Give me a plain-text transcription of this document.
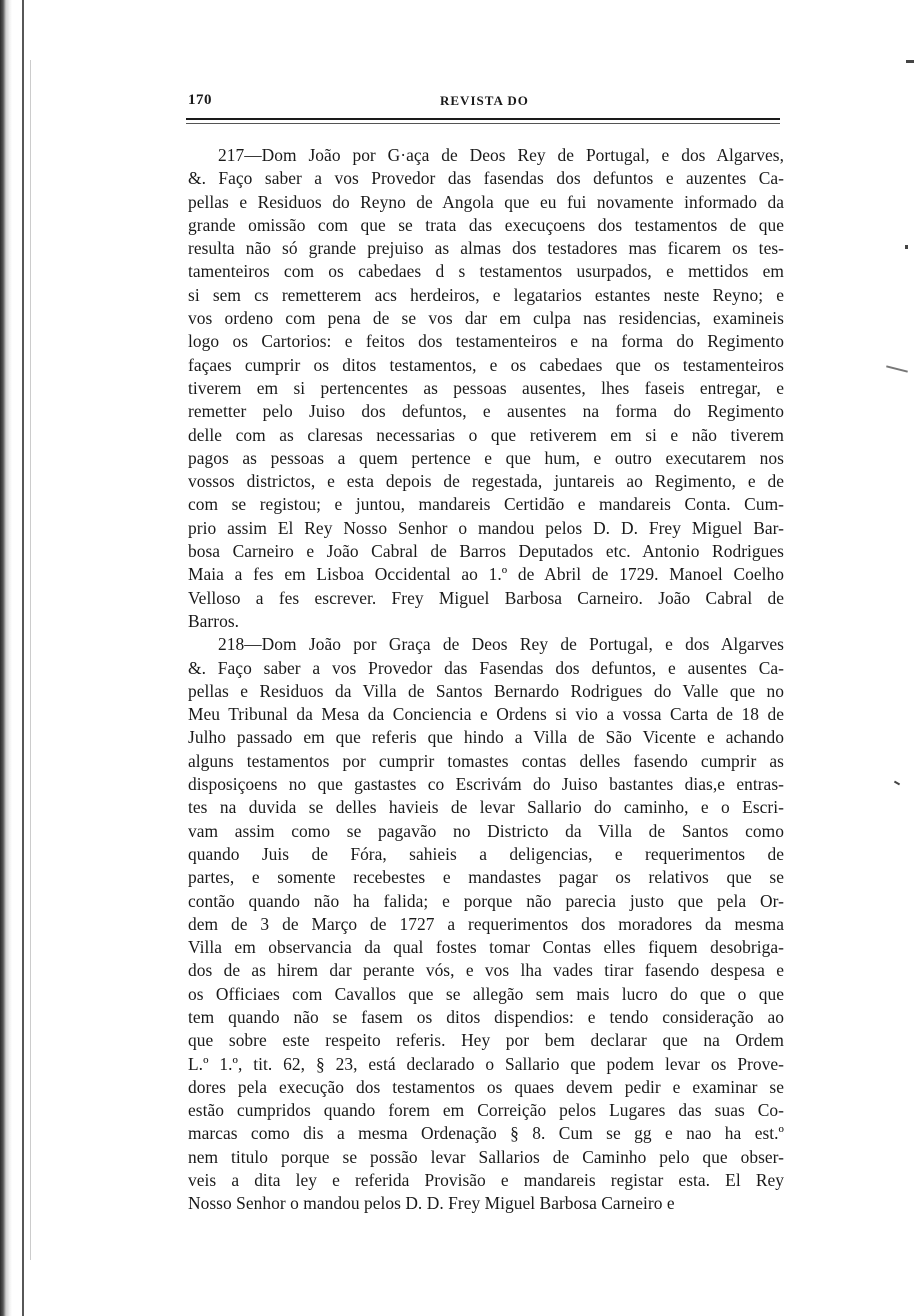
170	REVISTA DO
217—Dom João por G·aça de Deos Rey de Portugal, e dos Algarves,
&. Faço saber a vos Provedor das fasendas dos defuntos e auzentes Ca-
pellas e Residuos do Reyno de Angola que eu fui novamente informado da
grande omissão com que se trata das execuçoens dos testamentos de que
resulta não só grande prejuiso as almas dos testadores mas ficarem os tes-
tamenteiros com os cabedaes d s testamentos usurpados, e mettidos em
si sem cs remetterem acs herdeiros, e legatarios estantes neste Reyno; e
vos ordeno com pena de se vos dar em culpa nas residencias, examineis
logo os Cartorios: e feitos dos testamenteiros e na forma do Regimento
façaes cumprir os ditos testamentos, e os cabedaes que os testamenteiros
tiverem em si pertencentes as pessoas ausentes, lhes faseis entregar, e
remetter pelo Juiso dos defuntos, e ausentes na forma do Regimento
delle com as claresas necessarias o que retiverem em si e não tiverem
pagos as pessoas a quem pertence e que hum, e outro executarem nos
vossos districtos, e esta depois de regestada, juntareis ao Regimento, e de
com se registou; e juntou, mandareis Certidão e mandareis Conta. Cum-
prio assim El Rey Nosso Senhor o mandou pelos D. D. Frey Miguel Bar-
bosa Carneiro e João Cabral de Barros Deputados etc. Antonio Rodrigues
Maia a fes em Lisboa Occidental ao 1.º de Abril de 1729. Manoel Coelho
Velloso a fes escrever. Frey Miguel Barbosa Carneiro. João Cabral de
Barros.
218—Dom João por Graça de Deos Rey de Portugal, e dos Algarves
&. Faço saber a vos Provedor das Fasendas dos defuntos, e ausentes Ca-
pellas e Residuos da Villa de Santos Bernardo Rodrigues do Valle que no
Meu Tribunal da Mesa da Conciencia e Ordens si vio a vossa Carta de 18 de
Julho passado em que referis que hindo a Villa de São Vicente e achando
alguns testamentos por cumprir tomastes contas delles fasendo cumprir as
disposiçoens no que gastastes co Escrivám do Juiso bastantes dias,e entras-
tes na duvida se delles havieis de levar Sallario do caminho, e o Escri-
vam assim como se pagavão no Districto da Villa de Santos como
quando Juis de Fóra, sahieis a deligencias, e requerimentos de
partes, e somente recebestes e mandastes pagar os relativos que se
contão quando não ha falida; e porque não parecia justo que pela Or-
dem de 3 de Março de 1727 a requerimentos dos moradores da mesma
Villa em observancia da qual fostes tomar Contas elles fiquem desobriga-
dos de as hirem dar perante vós, e vos lha vades tirar fasendo despesa e
os Officiaes com Cavallos que se allegão sem mais lucro do que o que
tem quando não se fasem os ditos dispendios: e tendo consideração ao
que sobre este respeito referis. Hey por bem declarar que na Ordem
L.º 1.º, tit. 62, § 23, está declarado o Sallario que podem levar os Prove-
dores pela execução dos testamentos os quaes devem pedir e examinar se
estão cumpridos quando forem em Correição pelos Lugares das suas Co-
marcas como dis a mesma Ordenação § 8. Cum se gg e nao ha est.º
nem titulo porque se possão levar Sallarios de Caminho pelo que obser-
veis a dita ley e referida Provisão e mandareis registar esta. El Rey
Nosso Senhor o mandou pelos D. D. Frey Miguel Barbosa Carneiro e
